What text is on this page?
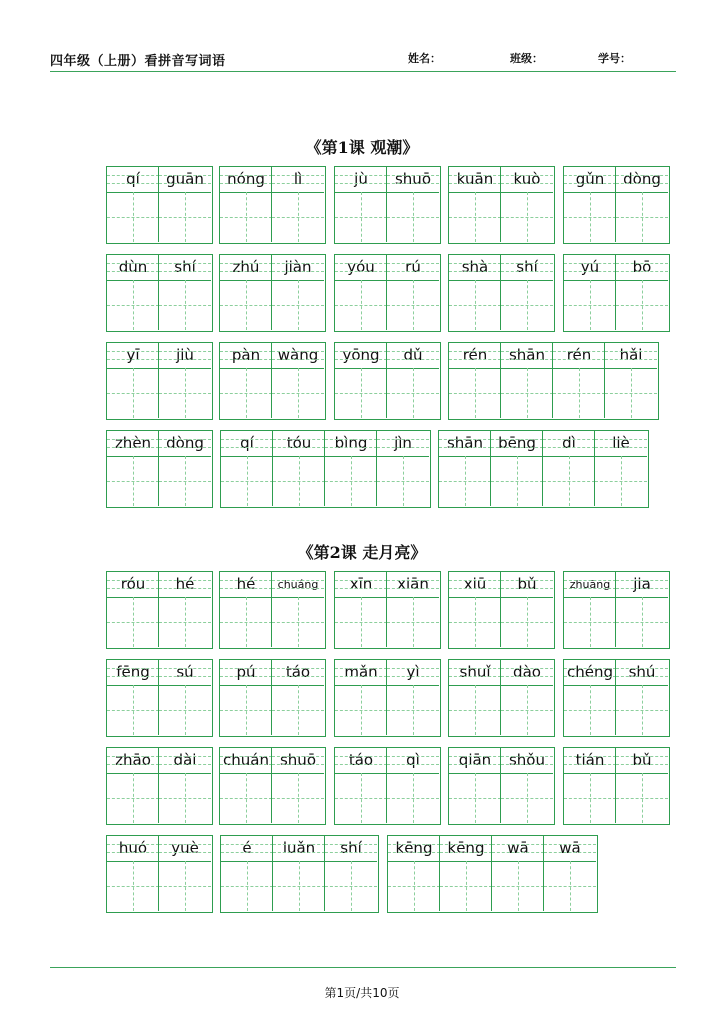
四年级（上册）看拼音写词语	姓名：	班级：	学号：
《第1课 观潮》
qí	guān	nóng	lì	jù	shuō	kuān	kuò	gǔn	dòng
dùn	shí	zhú	jiàn	yóu	rú	shà	shí	yú	bō
yī	jiù	pàn	wàng	yōng	dǔ	rén	shān	rén	hǎi
zhèn	dòng	qí	tóu	bìng	jìn	shān	bēng	dì	liè
《第2课 走月亮》
róu	hé	hé	chuáng	xīn	xiān	xiū	bǔ	zhuāng	jia
fēng	sú	pú	táo	mǎn	yì	shuǐ	dào	chéng	shú
zhāo	dài	chuán shuō	táo	qì	qiān	shǒu	tián	bǔ
huó	yuè	é	luǎn	shí	kēng	kēng	wā	wā
第1页/共10页
